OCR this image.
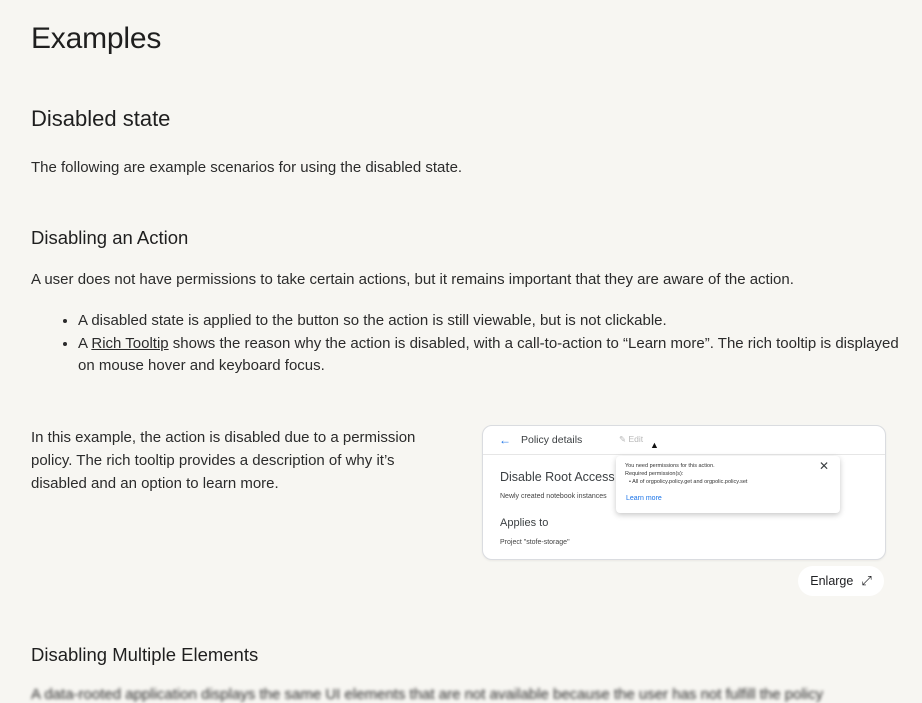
Examples
Disabled state
The following are example scenarios for using the disabled state.
Disabling an Action
A user does not have permissions to take certain actions, but it remains important that they are aware of the action.
• A disabled state is applied to the button so the action is still viewable, but is not clickable.
• A Rich Tooltip shows the reason why the action is disabled, with a call-to-action to “Learn more”. The rich tooltip is displayed on mouse hover and keyboard focus.
In this example, the action is disabled due to a permission policy. The rich tooltip provides a description of why it’s disabled and an option to learn more.
← Policy details	✎ Edit
▲
Disable Root Access
Newly created notebook instances
Applies to
Project "stofe-storage"
You need permissions for this action.
Required permission(s):
• All of orgpolicy.policy.get and orgpolic.policy.set
Learn more
✕
Enlarge ⤢
Disabling Multiple Elements
A data-rooted application displays the same UI elements that are not available because the user has not fulfill the policy
